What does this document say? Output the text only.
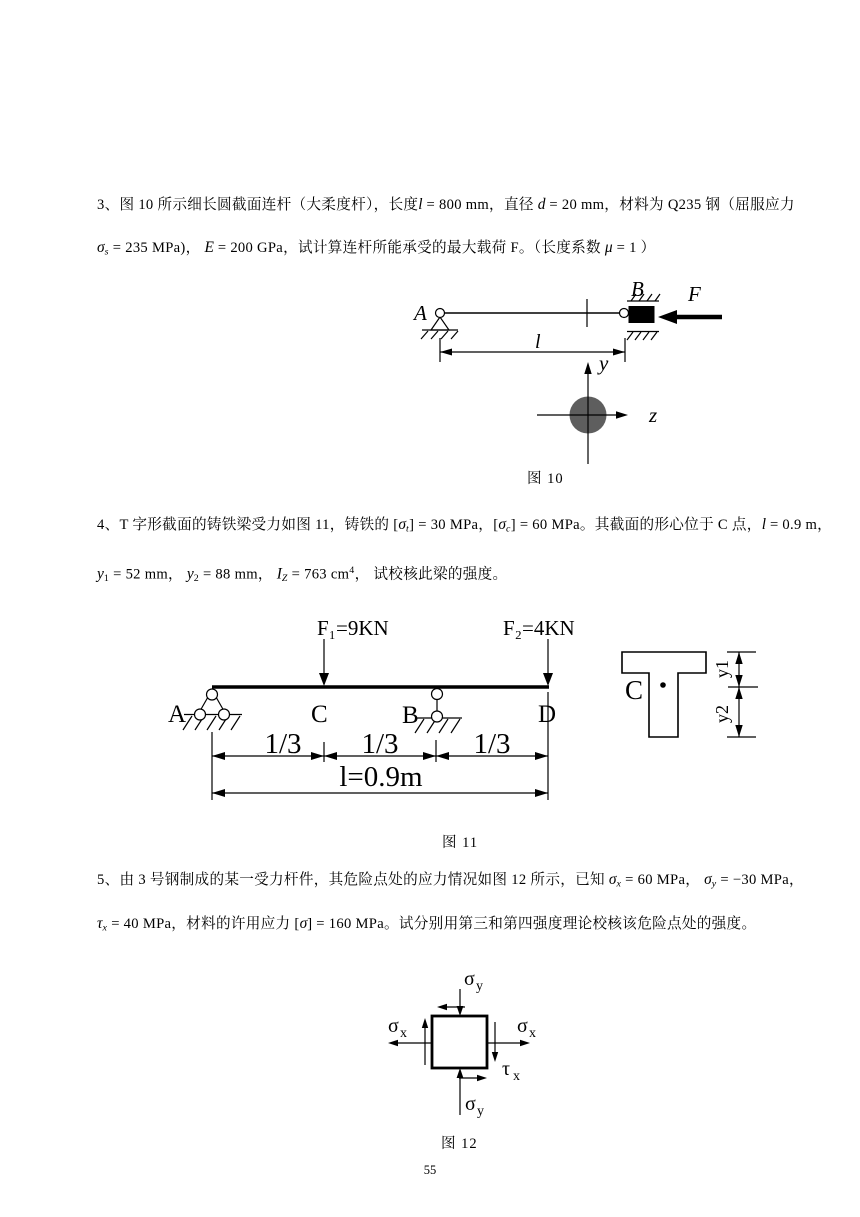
3、图 10 所示细长圆截面连杆（大柔度杆），长度l = 800 mm，直径 d = 20 mm，材料为 Q235 钢（屈服应力
σs = 235 MPa)， E = 200 GPa，试计算连杆所能承受的最大载荷 F。（长度系数 μ = 1 ）
A
B F
l
y
z
图 10
4、T 字形截面的铸铁梁受力如图 11，铸铁的 [σt] = 30 MPa，[σc] = 60 MPa。其截面的形心位于 C 点，l = 0.9 m，
y1 = 52 mm， y2 = 88 mm， IZ = 763 $cm^4$， 试校核此梁的强度。
F₁=9KN	F₂=4KN
A	C	B	D
1/3 1/3	1/3
l=0.9m
C
y1
y2
图 11
5、由 3 号钢制成的某一受力杆件，其危险点处的应力情况如图 12 所示，已知 σx = 60 MPa， σy = −30 MPa，
τx = 40 MPa，材料的许用应力 [σ] = 160 MPa。试分别用第三和第四强度理论校核该危险点处的强度。
σ y
σ x	σ x
τ x
σ y
图 12
55
